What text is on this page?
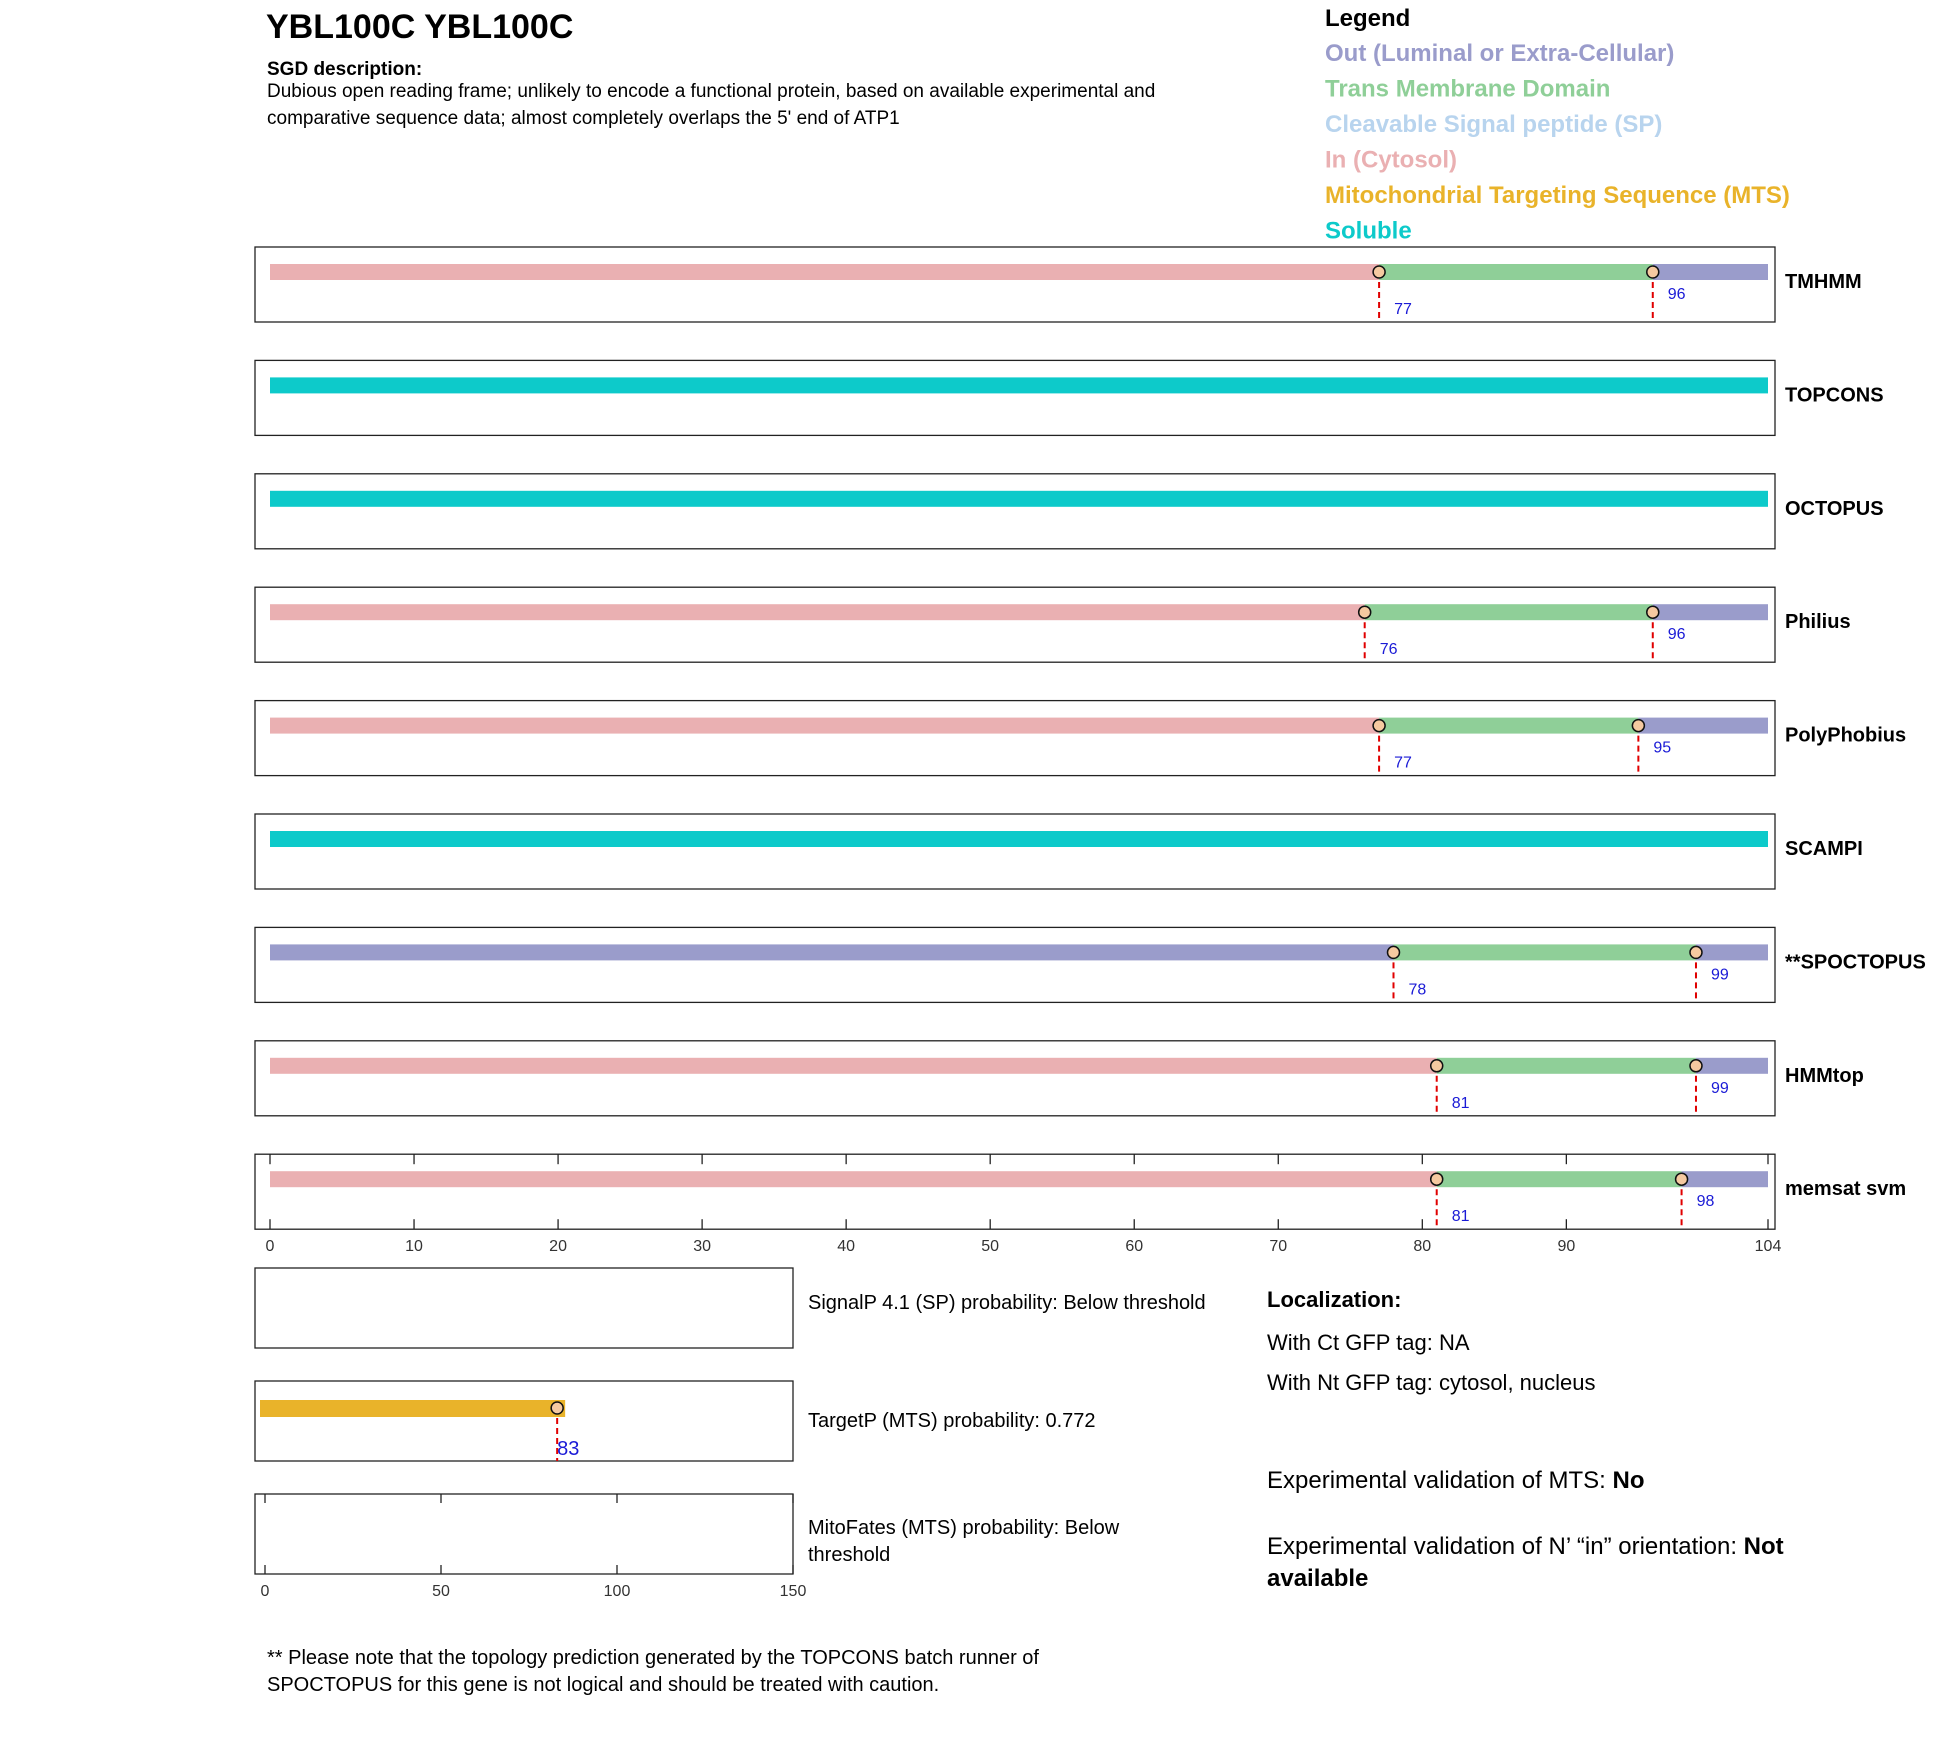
YBL100C YBL100C
SGD description:
Dubious open reading frame; unlikely to encode a functional protein, based on available experimental and
comparative sequence data; almost completely overlaps the 5' end of ATP1
Legend
Out (Luminal or Extra-Cellular)
Trans Membrane Domain
Cleavable Signal peptide (SP)
In (Cytosol)
Mitochondrial Targeting Sequence (MTS)
Soluble
77
96
TMHMM
TOPCONS
OCTOPUS
76
96
Philius
77
95
PolyPhobius
SCAMPI
78
99
**SPOCTOPUS
81
99
HMMtop
81
98
memsat svm
0	10	20	30	40	50	60	70	80	90	104
83
0	50	100	150
SignalP 4.1 (SP) probability: Below threshold
TargetP (MTS) probability: 0.772
MitoFates (MTS) probability: Below
threshold
Localization:
With Ct GFP tag: NA
With Nt GFP tag: cytosol, nucleus
Experimental validation of MTS: No
Experimental validation of N’ “in” orientation: Not
available
** Please note that the topology prediction generated by the TOPCONS batch runner of
SPOCTOPUS for this gene is not logical and should be treated with caution.
